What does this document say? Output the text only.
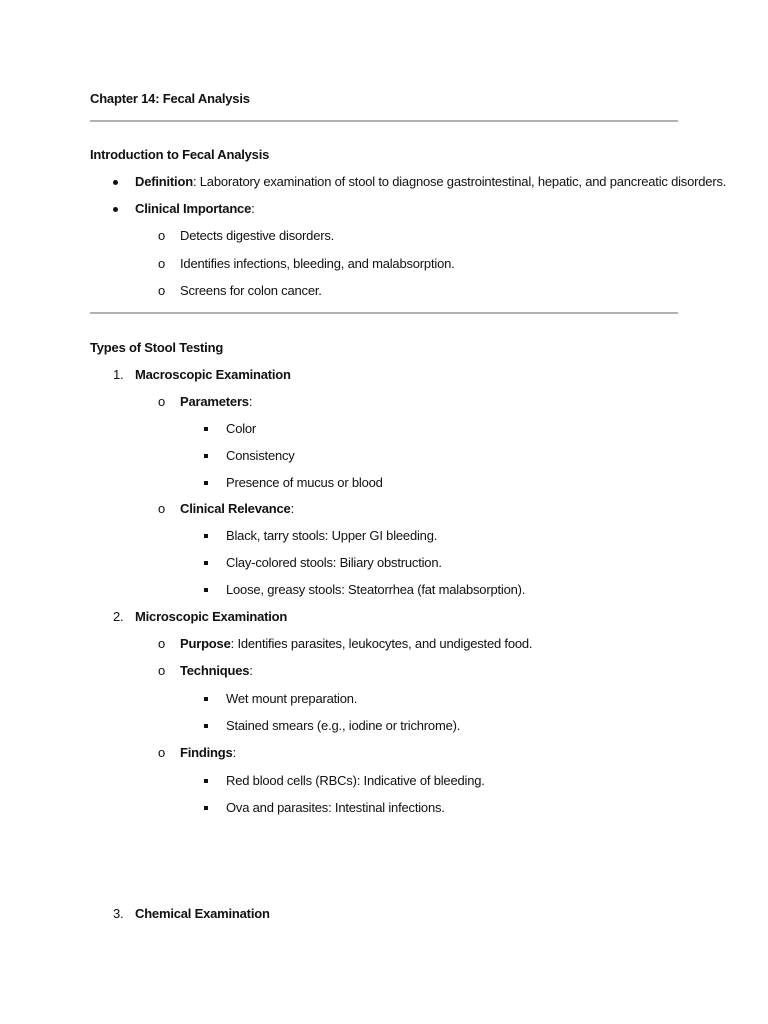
Chapter 14: Fecal Analysis
Introduction to Fecal Analysis
Definition: Laboratory examination of stool to diagnose gastrointestinal, hepatic, and pancreatic disorders.
Clinical Importance:
o Detects digestive disorders.
o Identifies infections, bleeding, and malabsorption.
o Screens for colon cancer.
Types of Stool Testing
1. Macroscopic Examination
o Parameters:
Color
Consistency
Presence of mucus or blood
o Clinical Relevance:
Black, tarry stools: Upper GI bleeding.
Clay-colored stools: Biliary obstruction.
Loose, greasy stools: Steatorrhea (fat malabsorption).
2. Microscopic Examination
o Purpose: Identifies parasites, leukocytes, and undigested food.
o Techniques:
Wet mount preparation.
Stained smears (e.g., iodine or trichrome).
o Findings:
Red blood cells (RBCs): Indicative of bleeding.
Ova and parasites: Intestinal infections.
3. Chemical Examination
